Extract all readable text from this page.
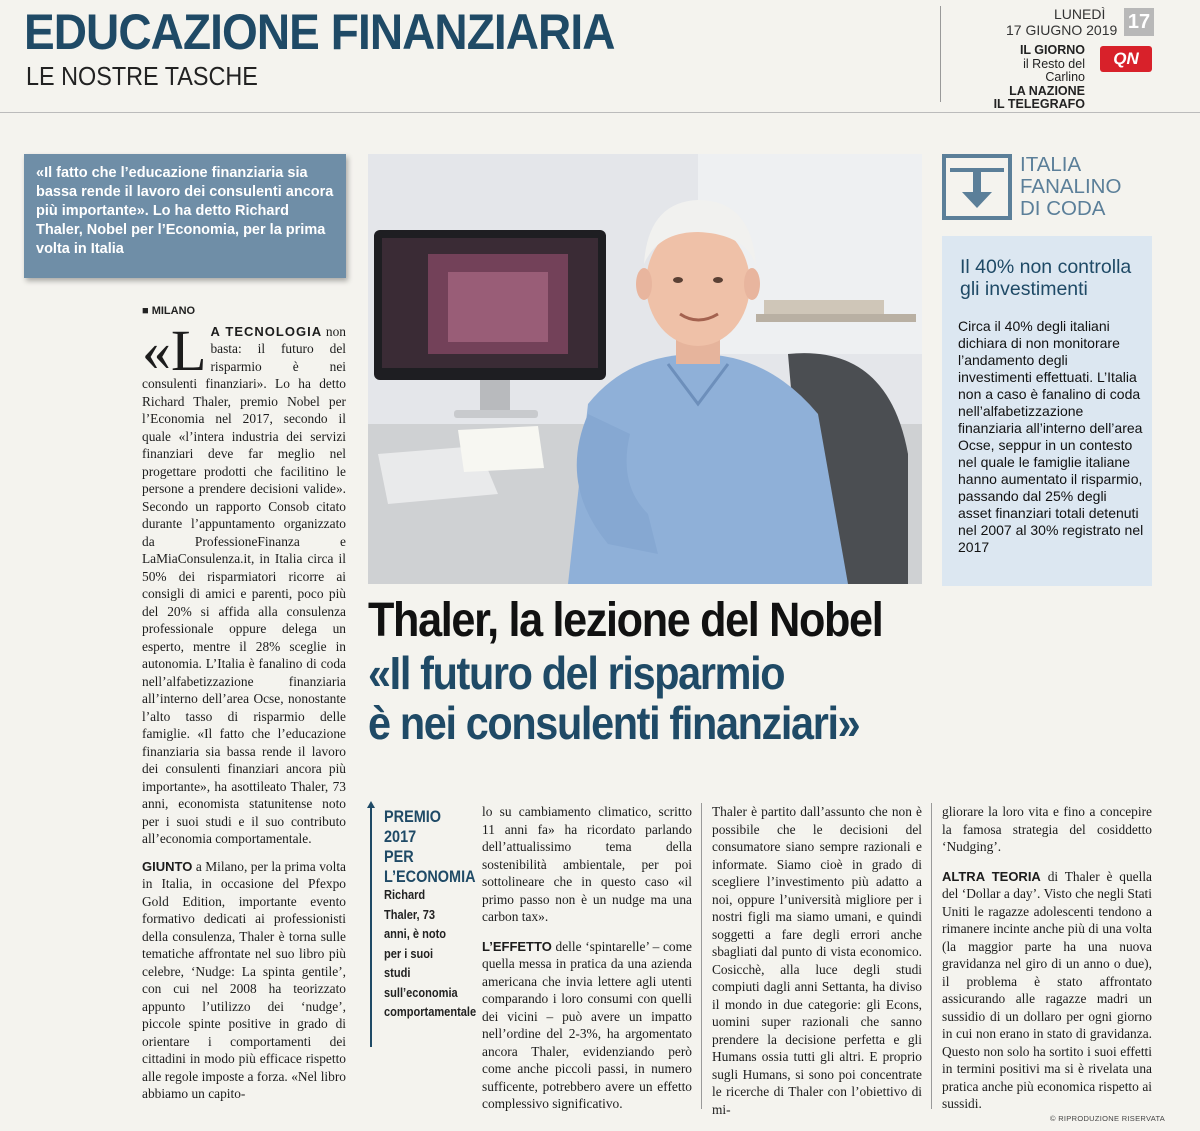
EDUCAZIONE FINANZIARIA
LE NOSTRE TASCHE
LUNEDÌ
17 GIUGNO 2019 17
IL GIORNO
il Resto del Carlino
LA NAZIONE
IL TELEGRAFO
QN

«Il fatto che l’educazione finanziaria sia bassa rende il lavoro dei consulenti ancora più importante». Lo ha detto Richard Thaler, Nobel per l’Economia, per la prima volta in Italia

■ MILANO

«L A TECNOLOGIA non basta: il futuro del risparmio è nei consulenti finanziari». Lo ha detto Richard Thaler, premio Nobel per l’Economia nel 2017, secondo il quale «l’intera industria dei servizi finanziari deve far meglio nel progettare prodotti che facilitino le persone a prendere decisioni valide». Secondo un rapporto Consob citato durante l’appuntamento organizzato da ProfessioneFinanza e LaMiaConsulenza.it, in Italia circa il 50% dei risparmiatori ricorre ai consigli di amici e parenti, poco più del 20% si affida alla consulenza professionale oppure delega un esperto, mentre il 28% sceglie in autonomia. L’Italia è fanalino di coda nell’alfabetizzazione finanziaria all’interno dell’area Ocse, nonostante l’alto tasso di risparmio delle famiglie. «Il fatto che l’educazione finanziaria sia bassa rende il lavoro dei consulenti finanziari ancora più importante», ha asottileato Thaler, 73 anni, economista statunitense noto per i suoi studi e il suo contributo all’economia comportamentale.

GIUNTO a Milano, per la prima volta in Italia, in occasione del Pfexpo Gold Edition, importante evento formativo dedicati ai professionisti della consulenza, Thaler è torna sulle tematiche affrontate nel suo libro più celebre, ‘Nudge: La spinta gentile’, con cui nel 2008 ha teorizzato appunto l’utilizzo dei ‘nudge’, piccole spinte positive in grado di orientare i comportamenti dei cittadini in modo più efficace rispetto alle regole imposte a forza. «Nel libro abbiamo un capito-

ITALIA
FANALINO
DI CODA
Il 40% non controlla gli investimenti
Circa il 40% degli italiani dichiara di non monitorare l’andamento degli investimenti effettuati. L’Italia non a caso è fanalino di coda nell’alfabetizzazione finanziaria all’interno dell’area Ocse, seppur in un contesto nel quale le famiglie italiane hanno aumentato il risparmio, passando dal 25% degli asset finanziari totali detenuti nel 2007 al 30% registrato nel 2017
Thaler, la lezione del Nobel
«Il futuro del risparmio
è nei consulenti finanziari»
PREMIO 2017
PER
L’ECONOMIA
Richard Thaler, 73 anni, è noto per i suoi studi sull’economia comportamentale

lo su cambiamento climatico, scritto 11 anni fa» ha ricordato parlando dell’attualissimo tema della sostenibilità ambientale, per poi sottolineare che in questo caso «il primo passo non è un nudge ma una carbon tax».

L’EFFETTO delle ‘spintarelle’ – come quella messa in pratica da una azienda americana che invia lettere agli utenti comparando i loro consumi con quelli dei vicini – può avere un impatto nell’ordine del 2-3%, ha argomentato ancora Thaler, evidenziando però come anche piccoli passi, in numero sufficente, potrebbero avere un effetto complessivo significativo.

Thaler è partito dall’assunto che non è possibile che le decisioni del consumatore siano sempre razionali e informate. Siamo cioè in grado di scegliere l’investimento più adatto a noi, oppure l’università migliore per i nostri figli ma siamo umani, e quindi soggetti a fare degli errori anche sbagliati dal punto di vista economico. Cosicchè, alla luce degli studi compiuti dagli anni Settanta, ha diviso il mondo in due categorie: gli Econs, uomini super razionali che sanno prendere la decisione perfetta e gli Humans ossia tutti gli altri. E proprio sugli Humans, si sono poi concentrate le ricerche di Thaler con l’obiettivo di mi-

gliorare la loro vita e fino a concepire la famosa strategia del cosiddetto ‘Nudging’.

ALTRA TEORIA di Thaler è quella del ‘Dollar a day’. Visto che negli Stati Uniti le ragazze adolescenti tendono a rimanere incinte anche più di una volta (la maggior parte ha una nuova gravidanza nel giro di un anno o due), il problema è stato affrontato assicurando alle ragazze madri un sussidio di un dollaro per ogni giorno in cui non erano in stato di gravidanza. Questo non solo ha sortito i suoi effetti in termini positivi ma si è rivelata una pratica anche più economica rispetto ai sussidi.

© RIPRODUZIONE RISERVATA
